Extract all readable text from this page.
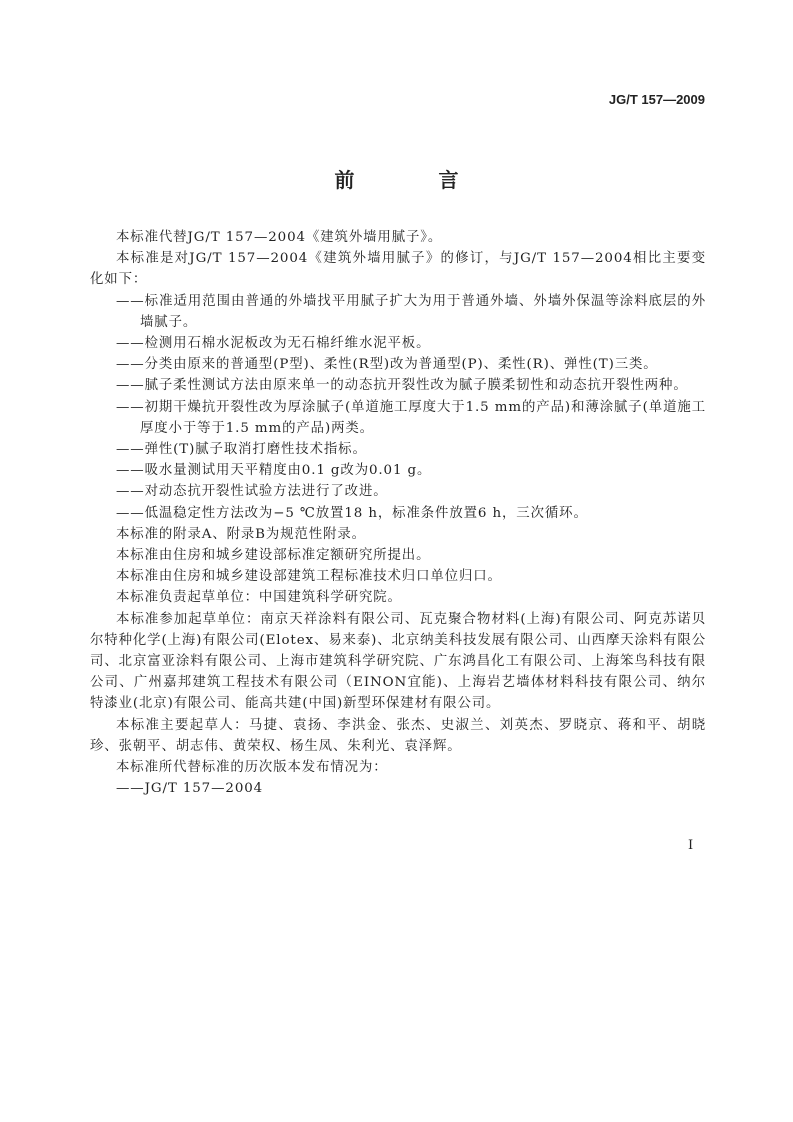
JG/T 157—2009
前　言

本标准代替JG/T 157—2004《建筑外墙用腻子》。

本标准是对JG/T 157—2004《建筑外墙用腻子》的修订，与JG/T 157—2004相比主要变化如下：

——标准适用范围由普通的外墙找平用腻子扩大为用于普通外墙、外墙外保温等涂料底层的外墙腻子。

——检测用石棉水泥板改为无石棉纤维水泥平板。

——分类由原来的普通型(P型)、柔性(R型)改为普通型(P)、柔性(R)、弹性(T)三类。

——腻子柔性测试方法由原来单一的动态抗开裂性改为腻子膜柔韧性和动态抗开裂性两种。

——初期干燥抗开裂性改为厚涂腻子(单道施工厚度大于1.5 mm的产品)和薄涂腻子(单道施工厚度小于等于1.5 mm的产品)两类。

——弹性(T)腻子取消打磨性技术指标。

——吸水量测试用天平精度由0.1 g改为0.01 g。

——对动态抗开裂性试验方法进行了改进。

——低温稳定性方法改为−5 ℃放置18 h，标准条件放置6 h，三次循环。

本标准的附录A、附录B为规范性附录。

本标准由住房和城乡建设部标准定额研究所提出。

本标准由住房和城乡建设部建筑工程标准技术归口单位归口。

本标准负责起草单位：中国建筑科学研究院。

本标准参加起草单位：南京天祥涂料有限公司、瓦克聚合物材料(上海)有限公司、阿克苏诺贝尔特种化学(上海)有限公司(Elotex、易来泰)、北京纳美科技发展有限公司、山西摩天涂料有限公司、北京富亚涂料有限公司、上海市建筑科学研究院、广东鸿昌化工有限公司、上海笨鸟科技有限公司、广州嘉邦建筑工程技术有限公司（EINON宜能)、上海岩艺墙体材料科技有限公司、纳尔特漆业(北京)有限公司、能高共建(中国)新型环保建材有限公司。

本标准主要起草人：马捷、袁扬、李洪金、张杰、史淑兰、刘英杰、罗晓京、蒋和平、胡晓珍、张朝平、胡志伟、黄荣权、杨生凤、朱利光、袁泽辉。

本标准所代替标准的历次版本发布情况为：

——JG/T 157—2004

I
